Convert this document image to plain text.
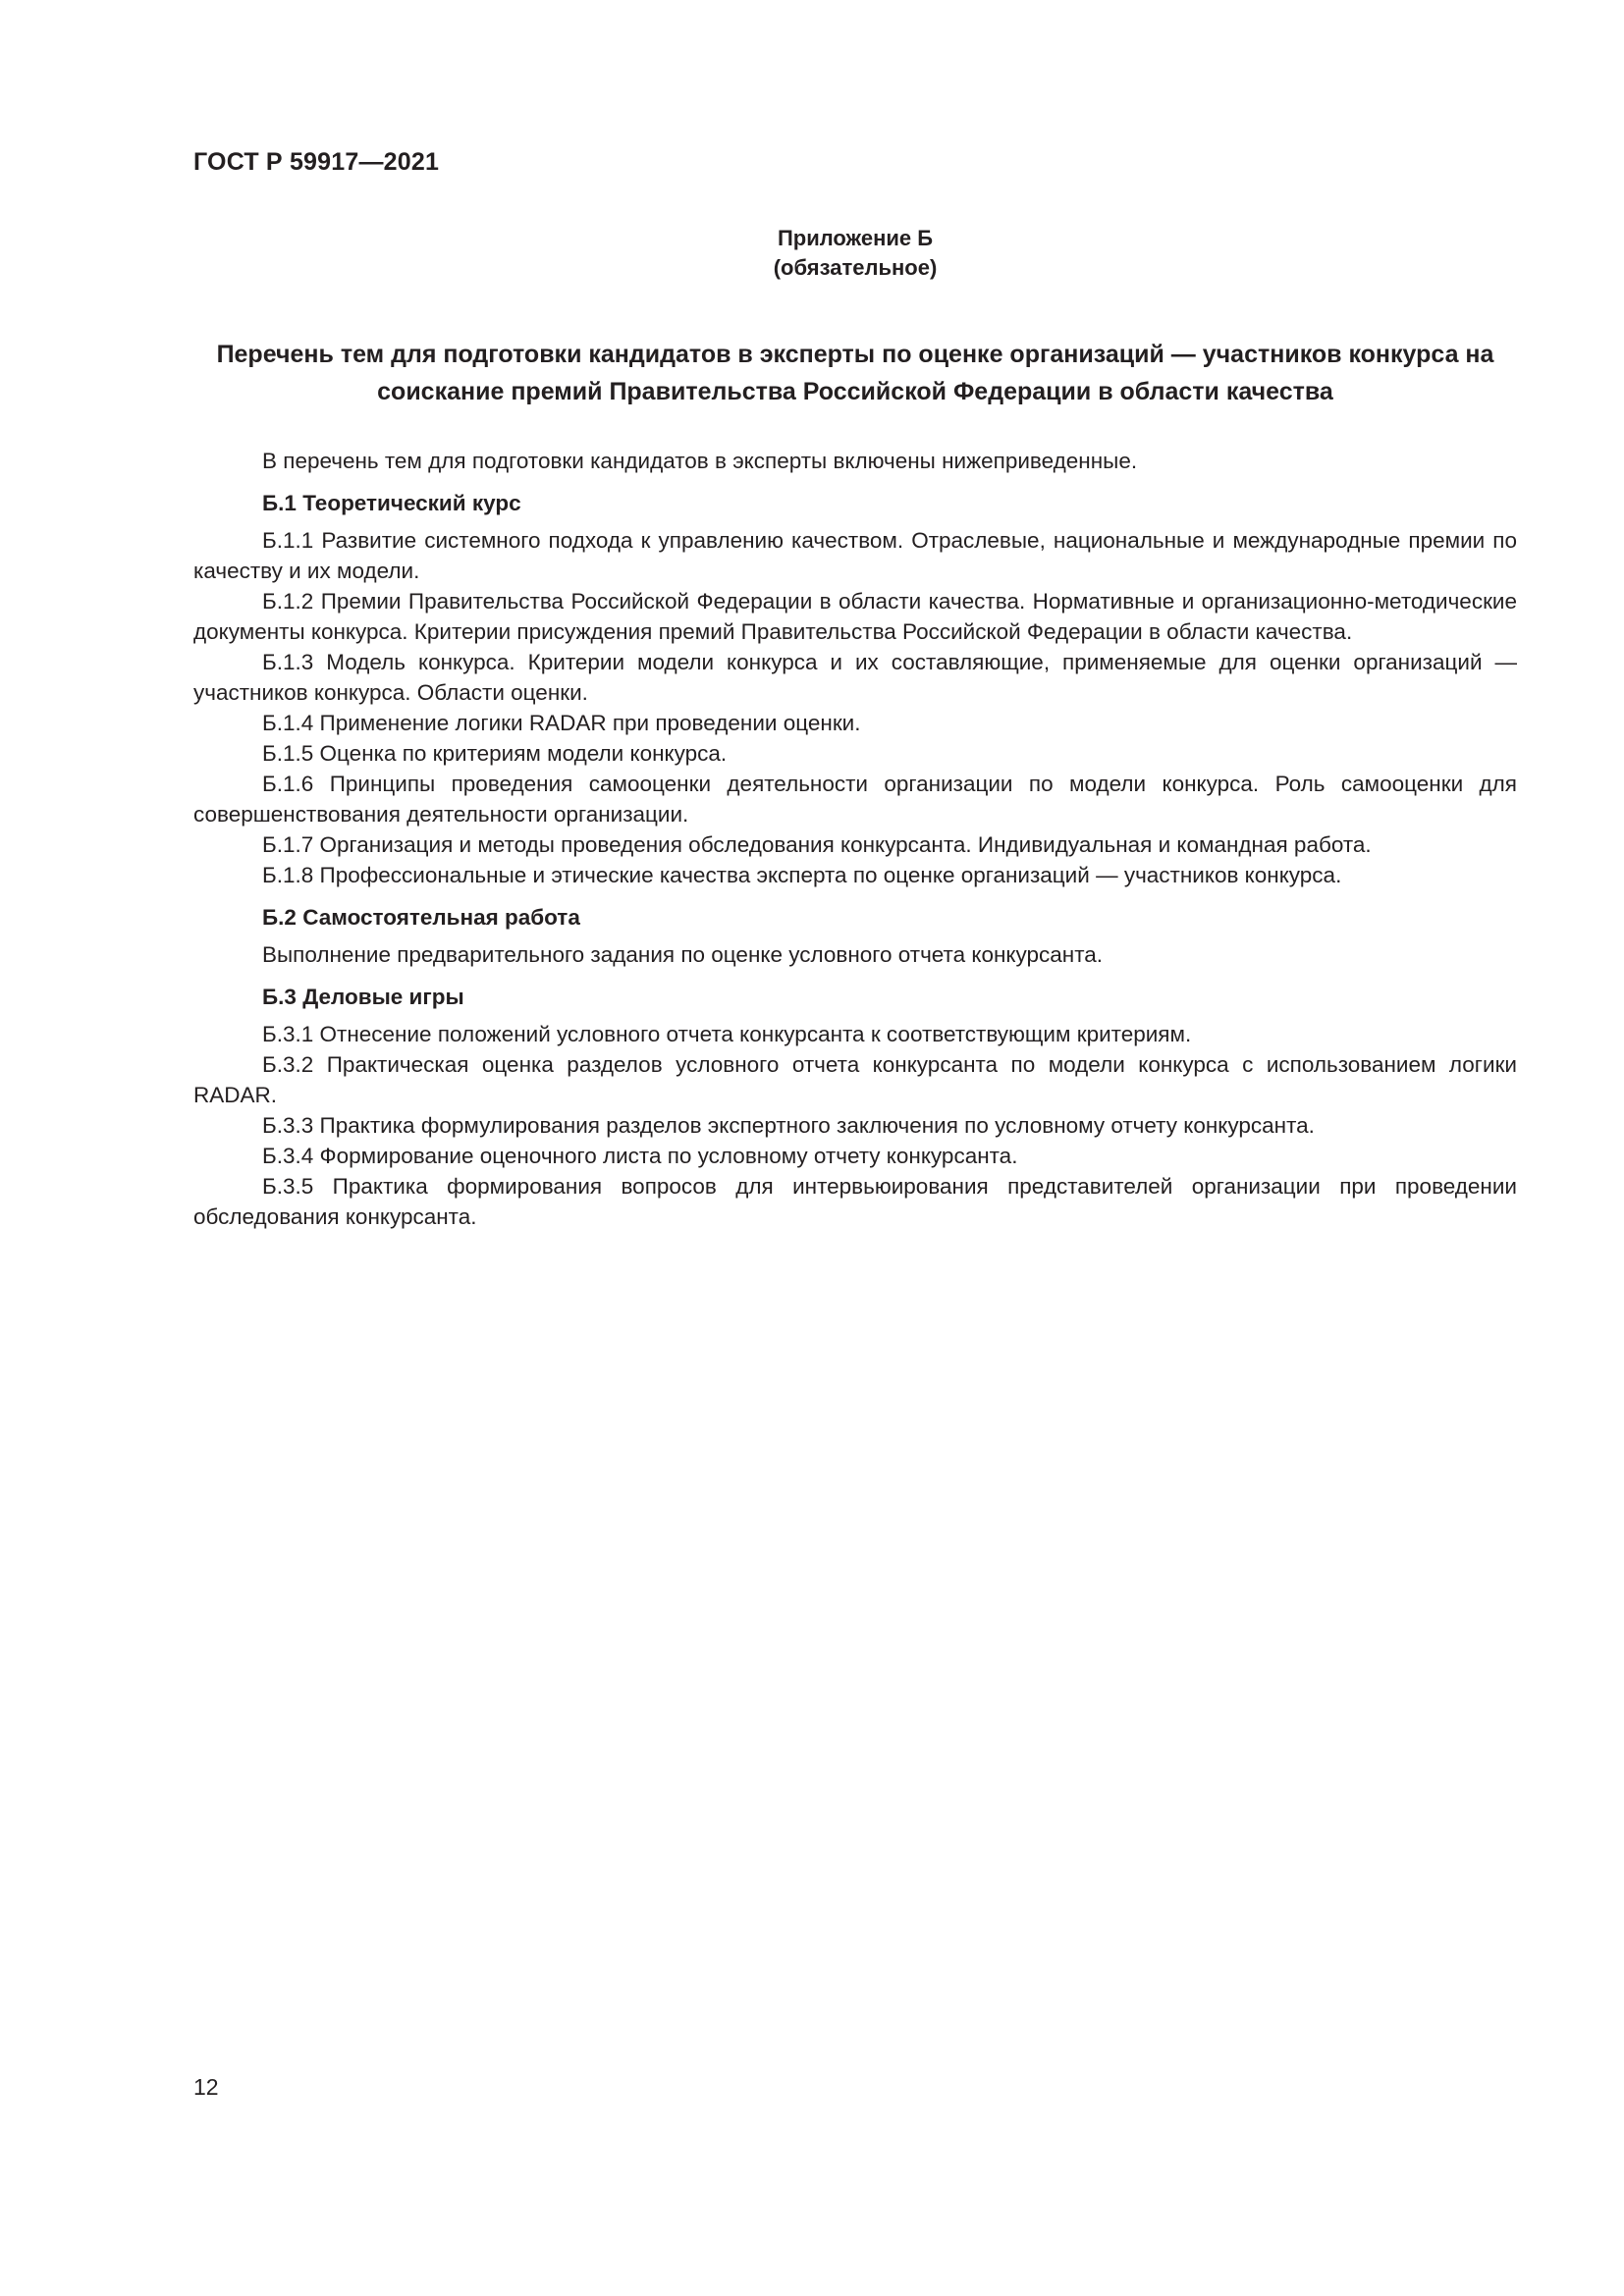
ГОСТ Р 59917—2021

Приложение Б

(обязательное)

Перечень тем для подготовки кандидатов в эксперты по оценке организаций — участников конкурса на соискание премий Правительства Российской Федерации в области качества

В перечень тем для подготовки кандидатов в эксперты включены нижеприведенные.

Б.1 Теоретический курс

Б.1.1 Развитие системного подхода к управлению качеством. Отраслевые, национальные и международные премии по качеству и их модели.

Б.1.2 Премии Правительства Российской Федерации в области качества. Нормативные и организационно-методические документы конкурса. Критерии присуждения премий Правительства Российской Федерации в области качества.

Б.1.3 Модель конкурса. Критерии модели конкурса и их составляющие, применяемые для оценки организаций — участников конкурса. Области оценки.

Б.1.4 Применение логики RADAR при проведении оценки.

Б.1.5 Оценка по критериям модели конкурса.

Б.1.6 Принципы проведения самооценки деятельности организации по модели конкурса. Роль самооценки для совершенствования деятельности организации.

Б.1.7 Организация и методы проведения обследования конкурсанта. Индивидуальная и командная работа.

Б.1.8 Профессиональные и этические качества эксперта по оценке организаций — участников конкурса.

Б.2 Самостоятельная работа

Выполнение предварительного задания по оценке условного отчета конкурсанта.

Б.3 Деловые игры

Б.3.1 Отнесение положений условного отчета конкурсанта к соответствующим критериям.

Б.3.2 Практическая оценка разделов условного отчета конкурсанта по модели конкурса с использованием логики RADAR.

Б.3.3 Практика формулирования разделов экспертного заключения по условному отчету конкурсанта.

Б.3.4 Формирование оценочного листа по условному отчету конкурсанта.

Б.3.5 Практика формирования вопросов для интервьюирования представителей организации при проведении обследования конкурсанта.

12
